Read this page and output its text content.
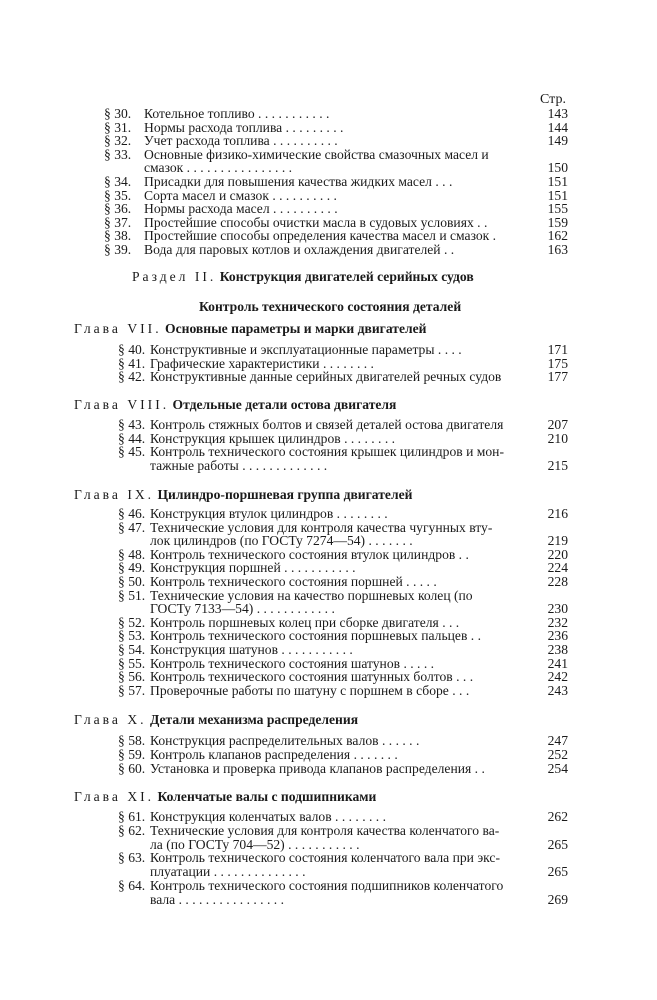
Стр.
§ 30. Котельное топливо . . . . . . . . . . .	143
§ 31. Нормы расхода топлива . . . . . . . . .	144
§ 32. Учет расхода топлива . . . . . . . . . .	149
§ 33. Основные физико-химические свойства смазочных масел и
смазок . . . . . . . . . . . . . . . .	150
§ 34. Присадки для повышения качества жидких масел . . .	151
§ 35. Сорта масел и смазок . . . . . . . . . .	151
§ 36. Нормы расхода масел . . . . . . . . . .	155
§ 37. Простейшие способы очистки масла в судовых условиях . .	159
§ 38. Простейшие способы определения качества масел и смазок .	162
§ 39. Вода для паровых котлов и охлаждения двигателей . .	163
Раздел II. Конструкция двигателей серийных судов
Контроль технического состояния деталей
Глава VII. Основные параметры и марки двигателей
§ 40. Конструктивные и эксплуатационные параметры . . . .	171
§ 41. Графические характеристики . . . . . . . .	175
§ 42. Конструктивные данные серийных двигателей речных судов	177
Глава VIII. Отдельные детали остова двигателя
§ 43. Контроль стяжных болтов и связей деталей остова двигателя	207
§ 44. Конструкция крышек цилиндров . . . . . . . .	210
§ 45. Контроль технического состояния крышек цилиндров и мон-
тажные работы . . . . . . . . . . . . .	215
Глава IX. Цилиндро-поршневая группа двигателей
§ 46. Конструкция втулок цилиндров . . . . . . . .	216
§ 47. Технические условия для контроля качества чугунных вту-
лок цилиндров (по ГОСТу 7274—54) . . . . . . .	219
§ 48. Контроль технического состояния втулок цилиндров . .	220
§ 49. Конструкция поршней . . . . . . . . . . .	224
§ 50. Контроль технического состояния поршней . . . . .	228
§ 51. Технические условия на качество поршневых колец (по
ГОСТу 7133—54) . . . . . . . . . . . .	230
§ 52. Контроль поршневых колец при сборке двигателя . . .	232
§ 53. Контроль технического состояния поршневых пальцев . .	236
§ 54. Конструкция шатунов . . . . . . . . . . .	238
§ 55. Контроль технического состояния шатунов . . . . .	241
§ 56. Контроль технического состояния шатунных болтов . . .	242
§ 57. Проверочные работы по шатуну с поршнем в сборе . . .	243
Глава X. Детали механизма распределения
§ 58. Конструкция распределительных валов . . . . . .	247
§ 59. Контроль клапанов распределения . . . . . . .	252
§ 60. Установка и проверка привода клапанов распределения . .	254
Глава XI. Коленчатые валы с подшипниками
§ 61. Конструкция коленчатых валов . . . . . . . .	262
§ 62. Технические условия для контроля качества коленчатого ва-
ла (по ГОСТу 704—52) . . . . . . . . . . .	265
§ 63. Контроль технического состояния коленчатого вала при экс-
плуатации . . . . . . . . . . . . . .	265
§ 64. Контроль технического состояния подшипников коленчатого
вала . . . . . . . . . . . . . . . .	269
